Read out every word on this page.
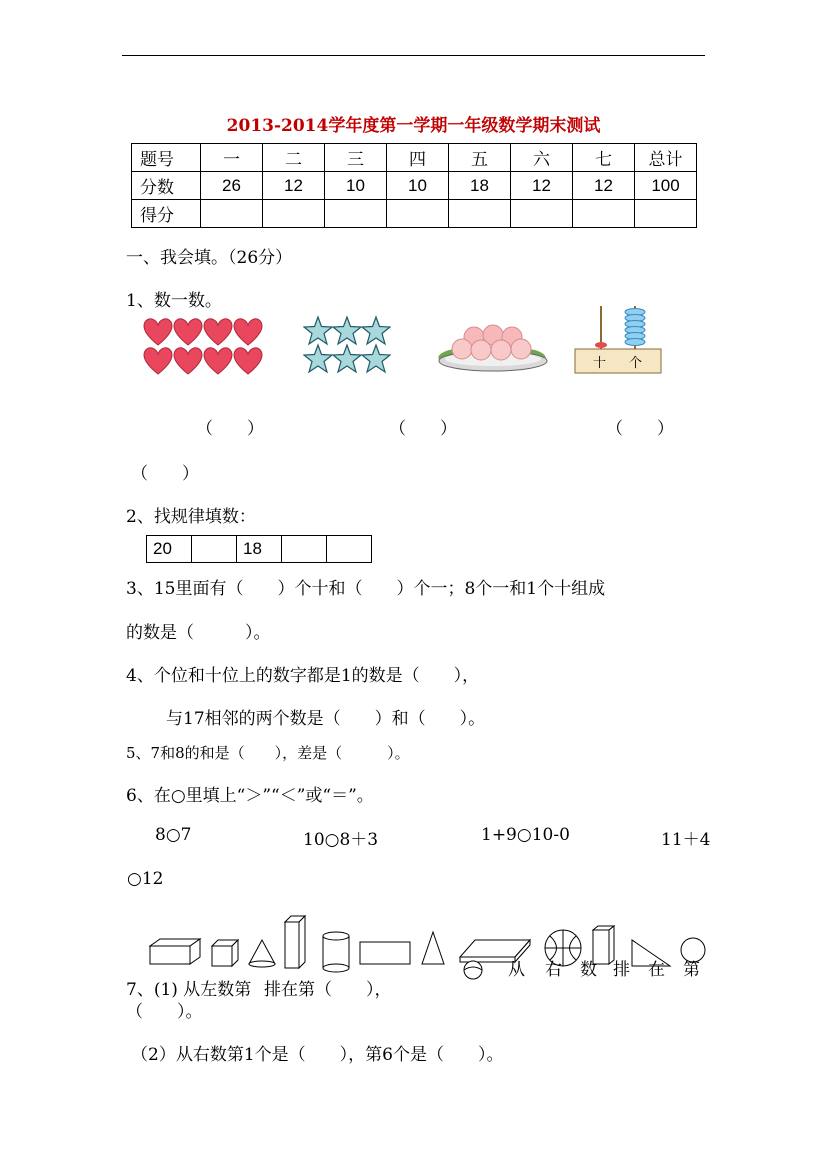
2013-2014学年度第一学期一年级数学期末测试
题号	一	二	三	四	五	六	七	总计
分数	26	12	10	10	18	12	12	100
得分								
一、我会填。（26分）
1、数一数。
十 个
（　　）	（　　）	（　　）
（　　）
2、找规律填数：
20		18		
3、15里面有（　　）个十和（　　）个一；8个一和1个十组成
的数是（　　　）。
4、个位和十位上的数字都是1的数是（　　），
与17相邻的两个数是（　　）和（　　）。
5、7和8的和是（　　），差是（　　　）。
6、在○里填上“＞”“＜”或“＝”。
8○7	10○8＋3	1+9○10-0	11＋4
○12
7、(1) 从左数第 排在第（　　），
从 右 数 排 在 第
（　　）。
（2）从右数第1个是（　　），第6个是（　　）。
